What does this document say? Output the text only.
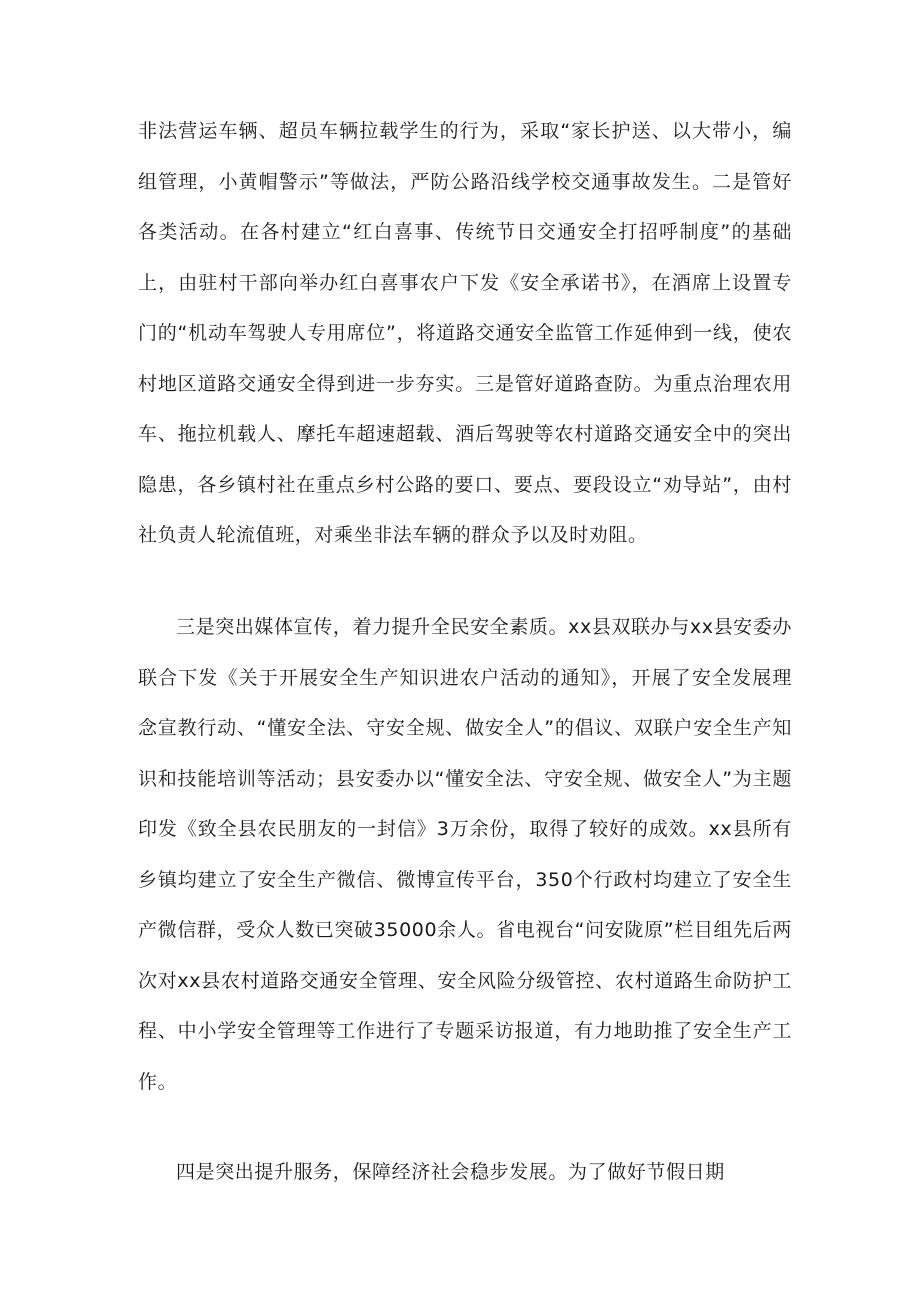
非法营运车辆、超员车辆拉载学生的行为，采取“家长护送、以大带小，编组管理，小黄帽警示”等做法，严防公路沿线学校交通事故发生。二是管好各类活动。在各村建立“红白喜事、传统节日交通安全打招呼制度”的基础上，由驻村干部向举办红白喜事农户下发《安全承诺书》，在酒席上设置专门的“机动车驾驶人专用席位”，将道路交通安全监管工作延伸到一线，使农村地区道路交通安全得到进一步夯实。三是管好道路查防。为重点治理农用车、拖拉机载人、摩托车超速超载、酒后驾驶等农村道路交通安全中的突出隐患，各乡镇村社在重点乡村公路的要口、要点、要段设立“劝导站”，由村社负责人轮流值班，对乘坐非法车辆的群众予以及时劝阻。

三是突出媒体宣传，着力提升全民安全素质。xx县双联办与xx县安委办联合下发《关于开展安全生产知识进农户活动的通知》，开展了安全发展理念宣教行动、“懂安全法、守安全规、做安全人”的倡议、双联户安全生产知识和技能培训等活动；县安委办以“懂安全法、守安全规、做安全人”为主题印发《致全县农民朋友的一封信》3万余份，取得了较好的成效。xx县所有乡镇均建立了安全生产微信、微博宣传平台，350个行政村均建立了安全生产微信群，受众人数已突破35000余人。省电视台“问安陇原”栏目组先后两次对xx县农村道路交通安全管理、安全风险分级管控、农村道路生命防护工程、中小学安全管理等工作进行了专题采访报道，有力地助推了安全生产工作。

四是突出提升服务，保障经济社会稳步发展。为了做好节假日期
